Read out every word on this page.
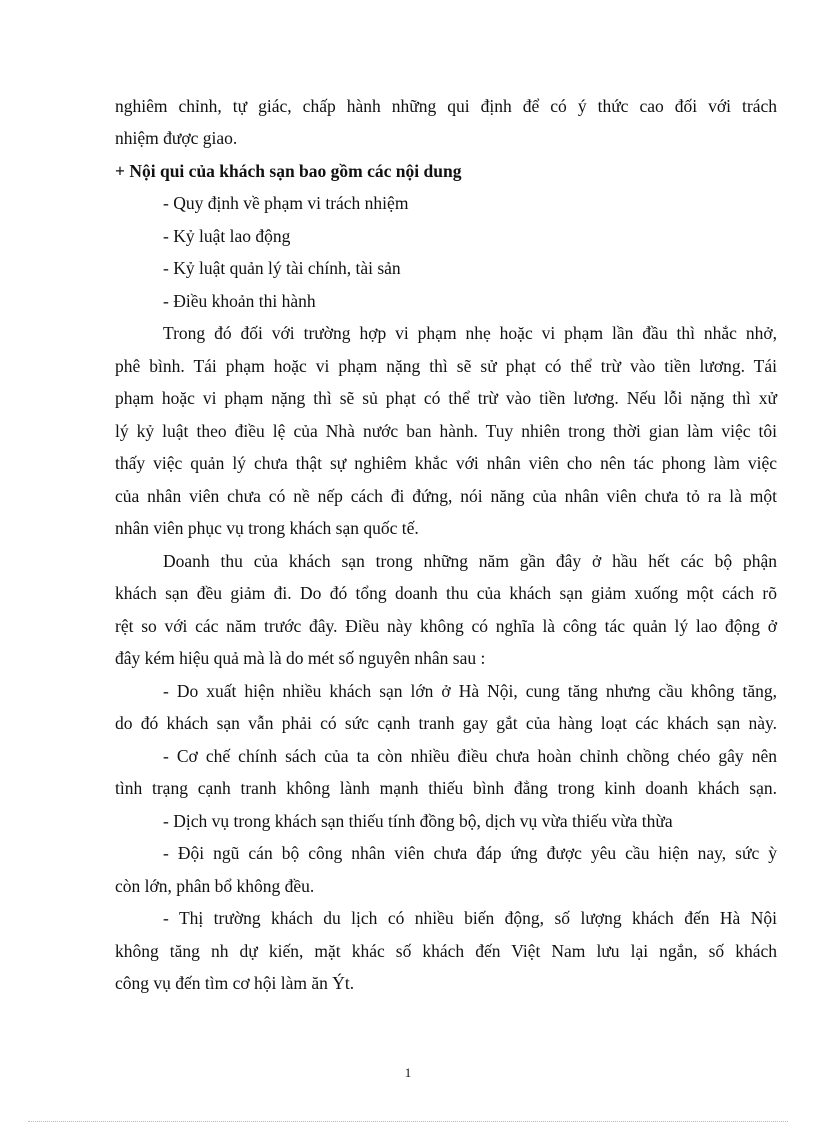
nghiêm chỉnh, tự giác, chấp hành những qui định để có ý thức cao đối với trách
nhiệm được giao.
+ Nội qui của khách sạn bao gồm các nội dung
- Quy định về phạm vi trách nhiệm
- Kỷ luật lao động
- Kỷ luật quản lý tài chính, tài sản
- Điều khoản thi hành
Trong đó đối với trường hợp vi phạm nhẹ hoặc vi phạm lần đầu thì nhắc nhở,
phê bình. Tái phạm hoặc vi phạm nặng thì sẽ sử phạt có thể trừ vào tiền lương. Tái
phạm hoặc vi phạm nặng thì sẽ sủ phạt có thể trừ vào tiền lương. Nếu lỗi nặng thì xử
lý kỷ luật theo điều lệ của Nhà nước ban hành. Tuy nhiên trong thời gian làm việc tôi
thấy việc quản lý chưa thật sự nghiêm khắc với nhân viên cho nên tác phong làm việc
của nhân viên chưa có nề nếp cách đi đứng, nói năng của nhân viên chưa tỏ ra là một
nhân viên phục vụ trong khách sạn quốc tế.
Doanh thu của khách sạn trong những năm gần đây ở hầu hết các bộ phận
khách sạn đều giảm đi. Do đó tổng doanh thu của khách sạn giảm xuống một cách rõ
rệt so với các năm trước đây. Điều này không có nghĩa là công tác quản lý lao động ở
đây kém hiệu quả mà là do mét số nguyên nhân sau :
- Do xuất hiện nhiều khách sạn lớn ở Hà Nội, cung tăng nhưng cầu không tăng,
do đó khách sạn vẫn phải có sức cạnh tranh gay gắt của hàng loạt các khách sạn này.
- Cơ chế chính sách của ta còn nhiều điều chưa hoàn chỉnh chồng chéo gây nên
tình trạng cạnh tranh không lành mạnh thiếu bình đẳng trong kinh doanh khách sạn.
- Dịch vụ trong khách sạn thiếu tính đồng bộ, dịch vụ vừa thiếu vừa thừa
- Đội ngũ cán bộ công nhân viên chưa đáp ứng được yêu cầu hiện nay, sức ỳ
còn lớn, phân bổ không đều.
- Thị trường khách du lịch có nhiều biến động, số lượng khách đến Hà Nội
không tăng nh dự kiến, mặt khác số khách đến Việt Nam lưu lại ngắn, số khách
công vụ đến tìm cơ hội làm ăn Ýt.
1
